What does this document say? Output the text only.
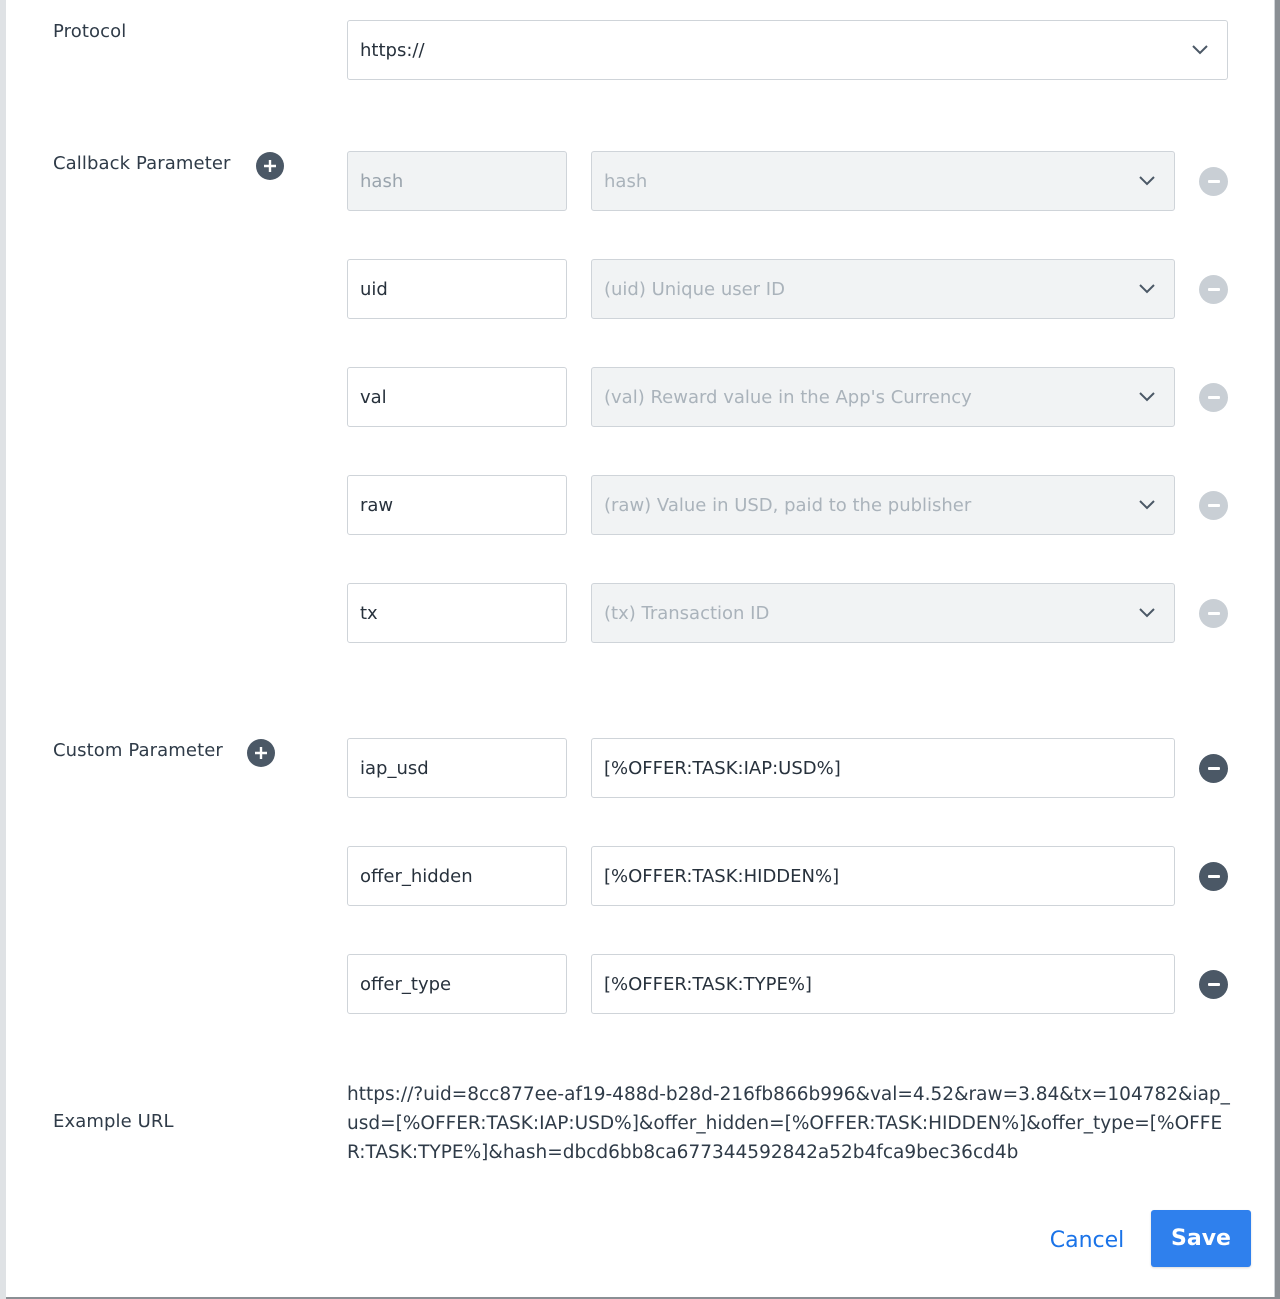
Protocol
https://
Callback Parameter
hash	hash
uid	(uid) Unique user ID
val	(val) Reward value in the App's Currency
raw	(raw) Value in USD, paid to the publisher
tx	(tx) Transaction ID
Custom Parameter
iap_usd	[%OFFER:TASK:IAP:USD%]
offer_hidden	[%OFFER:TASK:HIDDEN%]
offer_type	[%OFFER:TASK:TYPE%]
Example URL
https://?uid=8cc877ee-af19-488d-b28d-216fb866b996&val=4.52&raw=3.84&tx=104782&iap_usd=[%OFFER:TASK:IAP:USD%]&offer_hidden=[%OFFER:TASK:HIDDEN%]&offer_type=[%OFFER:TASK:TYPE%]&hash=dbcd6bb8ca677344592842a52b4fca9bec36cd4b
Cancel	Save
